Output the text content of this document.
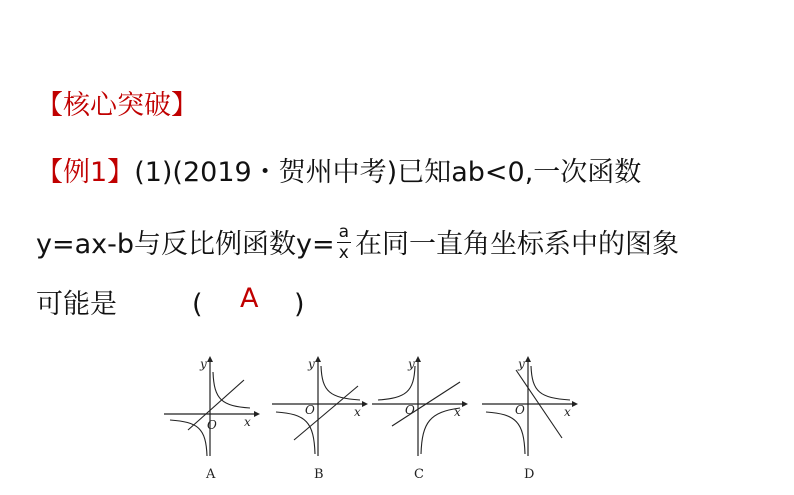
【核心突破】
【例1】(1)(2019・贺州中考)已知ab<0,一次函数
y=ax-b与反比例函数$y= \frac{a}{x}$ 在同一直角坐标系中的图象
可能是	( A )
y
x
O
A
y
x
O
B
y
x
O
C
y
x
O
D
